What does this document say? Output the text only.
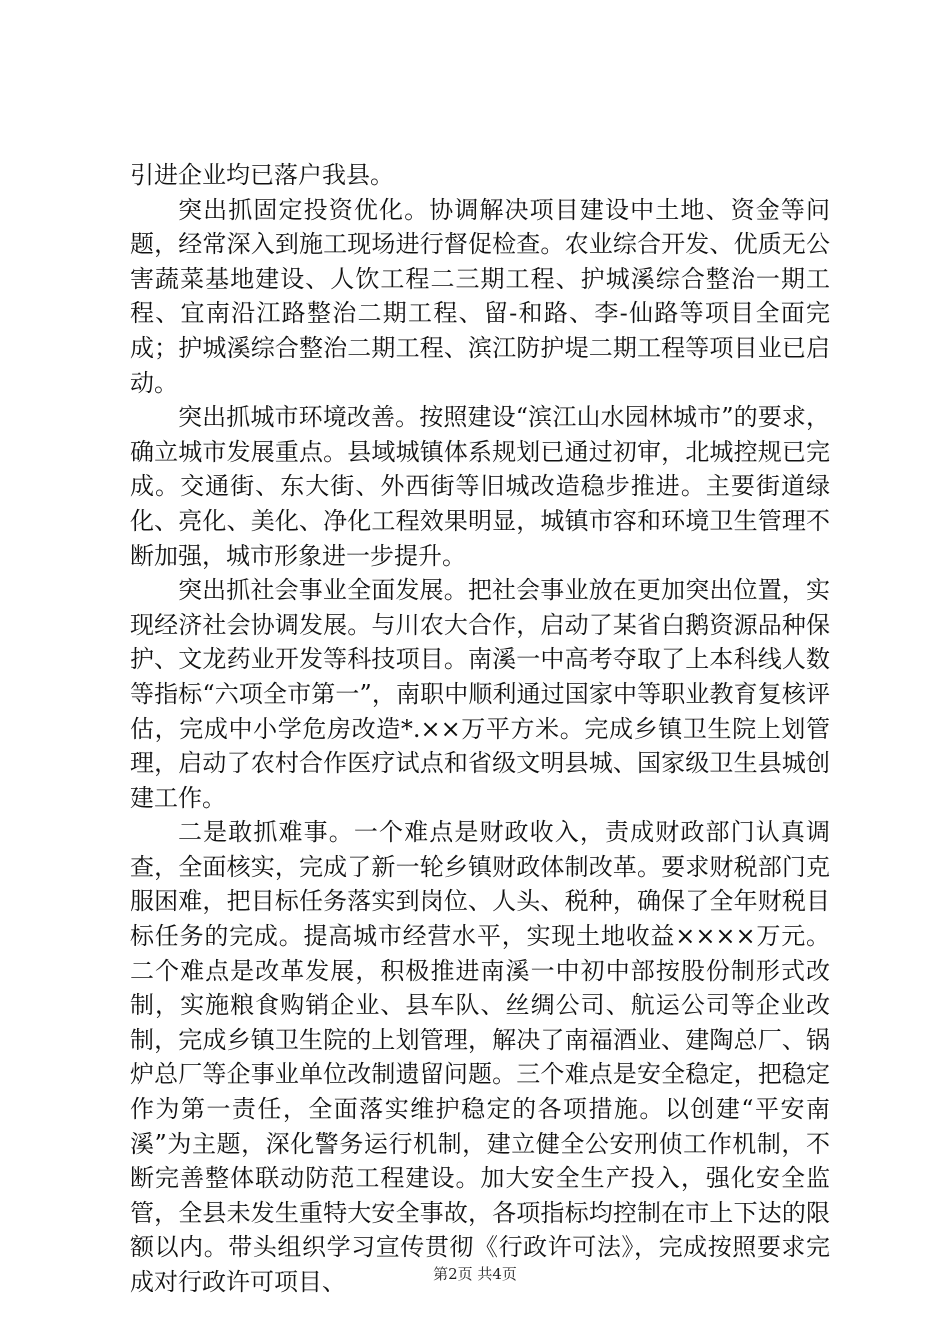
引进企业均已落户我县。

突出抓固定投资优化。协调解决项目建设中土地、资金等问题，经常深入到施工现场进行督促检查。农业综合开发、优质无公害蔬菜基地建设、人饮工程二三期工程、护城溪综合整治一期工程、宜南沿江路整治二期工程、留-和路、李-仙路等项目全面完成；护城溪综合整治二期工程、滨江防护堤二期工程等项目业已启动。

突出抓城市环境改善。按照建设“滨江山水园林城市”的要求，确立城市发展重点。县域城镇体系规划已通过初审，北城控规已完成。交通街、东大街、外西街等旧城改造稳步推进。主要街道绿化、亮化、美化、净化工程效果明显，城镇市容和环境卫生管理不断加强，城市形象进一步提升。

突出抓社会事业全面发展。把社会事业放在更加突出位置，实现经济社会协调发展。与川农大合作，启动了某省白鹅资源品种保护、文龙药业开发等科技项目。南溪一中高考夺取了上本科线人数等指标“六项全市第一”，南职中顺利通过国家中等职业教育复核评估，完成中小学危房改造*.××万平方米。完成乡镇卫生院上划管理，启动了农村合作医疗试点和省级文明县城、国家级卫生县城创建工作。

二是敢抓难事。一个难点是财政收入，责成财政部门认真调查，全面核实，完成了新一轮乡镇财政体制改革。要求财税部门克服困难，把目标任务落实到岗位、人头、税种，确保了全年财税目标任务的完成。提高城市经营水平，实现土地收益××××万元。二个难点是改革发展，积极推进南溪一中初中部按股份制形式改制，实施粮食购销企业、县车队、丝绸公司、航运公司等企业改制，完成乡镇卫生院的上划管理，解决了南福酒业、建陶总厂、锅炉总厂等企事业单位改制遗留问题。三个难点是安全稳定，把稳定作为第一责任，全面落实维护稳定的各项措施。以创建“平安南溪”为主题，深化警务运行机制，建立健全公安刑侦工作机制，不断完善整体联动防范工程建设。加大安全生产投入，强化安全监管，全县未发生重特大安全事故，各项指标均控制在市上下达的限额以内。带头组织学习宣传贯彻《行政许可法》，完成按照要求完成对行政许可项目、	第2页 共4页
